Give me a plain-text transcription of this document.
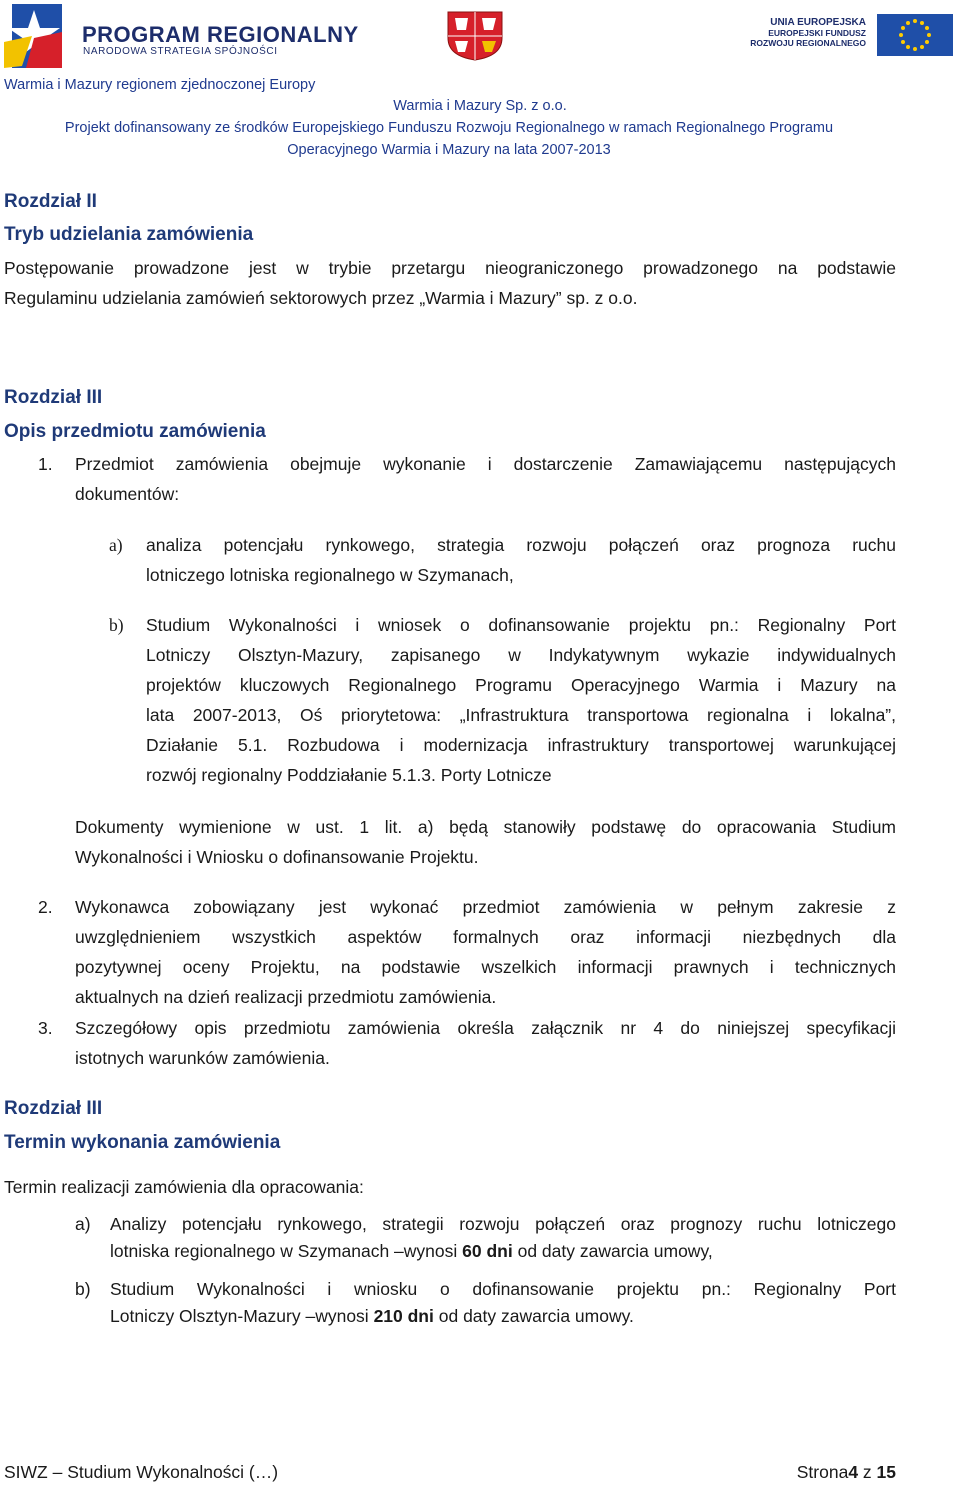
PROGRAM REGIONALNY
NARODOWA STRATEGIA SPÓJNOŚCI
UNIA EUROPEJSKA
EUROPEJSKI FUNDUSZ
ROZWOJU REGIONALNEGO
Warmia i Mazury regionem zjednoczonej Europy
Warmia i Mazury Sp. z o.o.
Projekt dofinansowany ze środków Europejskiego Funduszu Rozwoju Regionalnego w ramach Regionalnego Programu
Operacyjnego Warmia i Mazury na lata 2007-2013
Rozdział II
Tryb udzielania zamówienia
Postępowanie prowadzone jest w trybie przetargu nieograniczonego prowadzonego na podstawie
Regulaminu udzielania zamówień sektorowych przez „Warmia i Mazury” sp. z o.o.
Rozdział III
Opis przedmiotu zamówienia
1. Przedmiot zamówienia obejmuje wykonanie i dostarczenie Zamawiającemu następujących
dokumentów:
a) analiza potencjału rynkowego, strategia rozwoju połączeń oraz prognoza ruchu
lotniczego lotniska regionalnego w Szymanach,
b) Studium Wykonalności i wniosek o dofinansowanie projektu pn.: Regionalny Port
Lotniczy Olsztyn-Mazury, zapisanego w Indykatywnym wykazie indywidualnych
projektów kluczowych Regionalnego Programu Operacyjnego Warmia i Mazury na
lata 2007-2013, Oś priorytetowa: „Infrastruktura transportowa regionalna i lokalna”,
Działanie 5.1. Rozbudowa i modernizacja infrastruktury transportowej warunkującej
rozwój regionalny Poddziałanie 5.1.3. Porty Lotnicze
Dokumenty wymienione w ust. 1 lit. a) będą stanowiły podstawę do opracowania Studium
Wykonalności i Wniosku o dofinansowanie Projektu.
2. Wykonawca zobowiązany jest wykonać przedmiot zamówienia w pełnym zakresie z
uwzględnieniem wszystkich aspektów formalnych oraz informacji niezbędnych dla
pozytywnej oceny Projektu, na podstawie wszelkich informacji prawnych i technicznych
aktualnych na dzień realizacji przedmiotu zamówienia.
3. Szczegółowy opis przedmiotu zamówienia określa załącznik nr 4 do niniejszej specyfikacji
istotnych warunków zamówienia.
Rozdział III
Termin wykonania zamówienia
Termin realizacji zamówienia dla opracowania:
a) Analizy potencjału rynkowego, strategii rozwoju połączeń oraz prognozy ruchu lotniczego
lotniska regionalnego w Szymanach –wynosi 60 dni od daty zawarcia umowy,
b) Studium Wykonalności i wniosku o dofinansowanie projektu pn.: Regionalny Port
Lotniczy Olsztyn-Mazury –wynosi 210 dni od daty zawarcia umowy.
SIWZ – Studium Wykonalności (…)	Strona4 z 15
